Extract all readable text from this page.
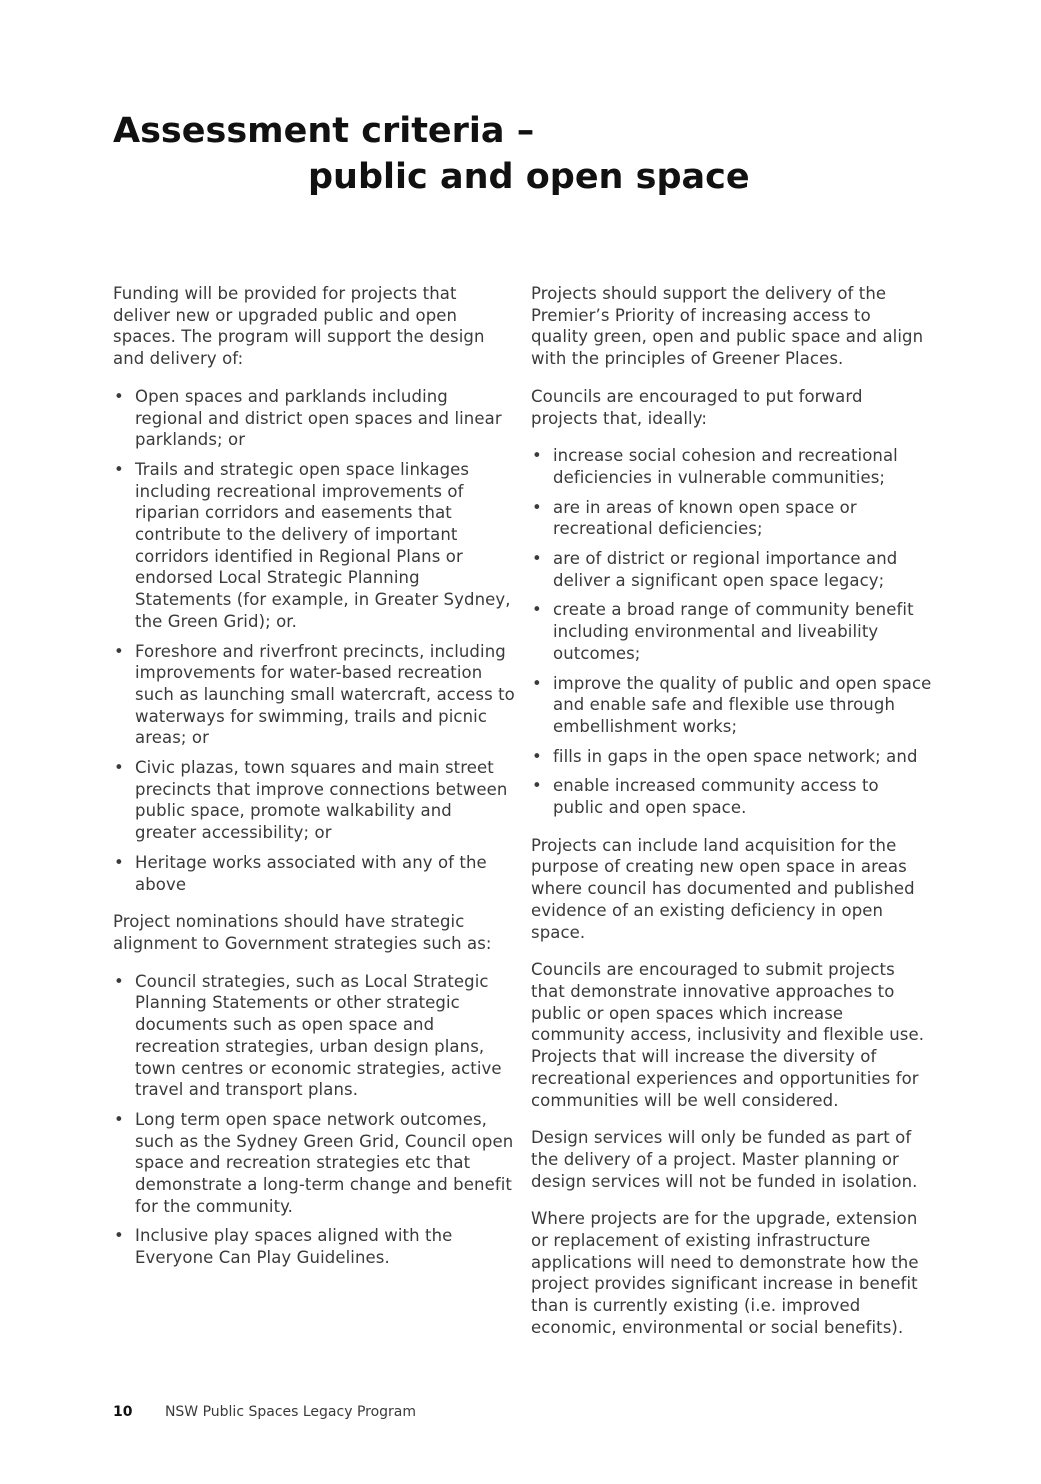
Assessment criteria –
public and open space

Funding will be provided for projects that deliver new or upgraded public and open spaces. The program will support the design and delivery of:

• Open spaces and parklands including regional and district open spaces and linear parklands; or
• Trails and strategic open space linkages including recreational improvements of riparian corridors and easements that contribute to the delivery of important corridors identified in Regional Plans or endorsed Local Strategic Planning Statements (for example, in Greater Sydney, the Green Grid); or.
• Foreshore and riverfront precincts, including improvements for water-based recreation such as launching small watercraft, access to waterways for swimming, trails and picnic areas; or
• Civic plazas, town squares and main street precincts that improve connections between public space, promote walkability and greater accessibility; or
• Heritage works associated with any of the above

Project nominations should have strategic alignment to Government strategies such as:

• Council strategies, such as Local Strategic Planning Statements or other strategic documents such as open space and recreation strategies, urban design plans, town centres or economic strategies, active travel and transport plans.
• Long term open space network outcomes, such as the Sydney Green Grid, Council open space and recreation strategies etc that demonstrate a long-term change and benefit for the community.
• Inclusive play spaces aligned with the Everyone Can Play Guidelines.

Projects should support the delivery of the Premier’s Priority of increasing access to quality green, open and public space and align with the principles of Greener Places.

Councils are encouraged to put forward projects that, ideally:

• increase social cohesion and recreational deficiencies in vulnerable communities;
• are in areas of known open space or recreational deficiencies;
• are of district or regional importance and deliver a significant open space legacy;
• create a broad range of community benefit including environmental and liveability outcomes;
• improve the quality of public and open space and enable safe and flexible use through embellishment works;
• fills in gaps in the open space network; and
• enable increased community access to public and open space.

Projects can include land acquisition for the purpose of creating new open space in areas where council has documented and published evidence of an existing deficiency in open space.

Councils are encouraged to submit projects that demonstrate innovative approaches to public or open spaces which increase community access, inclusivity and flexible use. Projects that will increase the diversity of recreational experiences and opportunities for communities will be well considered.

Design services will only be funded as part of the delivery of a project. Master planning or design services will not be funded in isolation.

Where projects are for the upgrade, extension or replacement of existing infrastructure applications will need to demonstrate how the project provides significant increase in benefit than is currently existing (i.e. improved economic, environmental or social benefits).

10 NSW Public Spaces Legacy Program
